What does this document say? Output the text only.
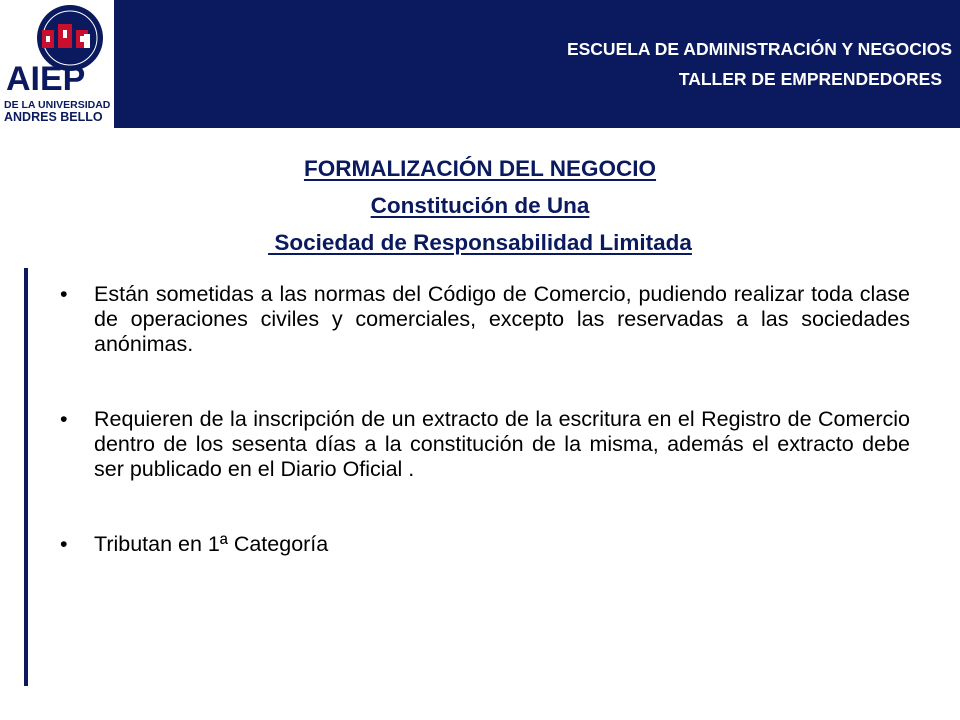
AIEP
DE LA UNIVERSIDAD
ANDRES BELLO
ESCUELA DE ADMINISTRACIÓN Y NEGOCIOS
TALLER DE EMPRENDEDORES
FORMALIZACIÓN DEL NEGOCIO
Constitución de Una
Sociedad de Responsabilidad Limitada
• Están sometidas a las normas del Código de Comercio, pudiendo realizar toda clase de operaciones civiles y comerciales, excepto las reservadas a las sociedades anónimas.
• Requieren de la inscripción de un extracto de la escritura en el Registro de Comercio dentro de los sesenta días a la constitución de la misma, además el extracto debe ser publicado en el Diario Oficial .
• Tributan en 1ª Categoría
